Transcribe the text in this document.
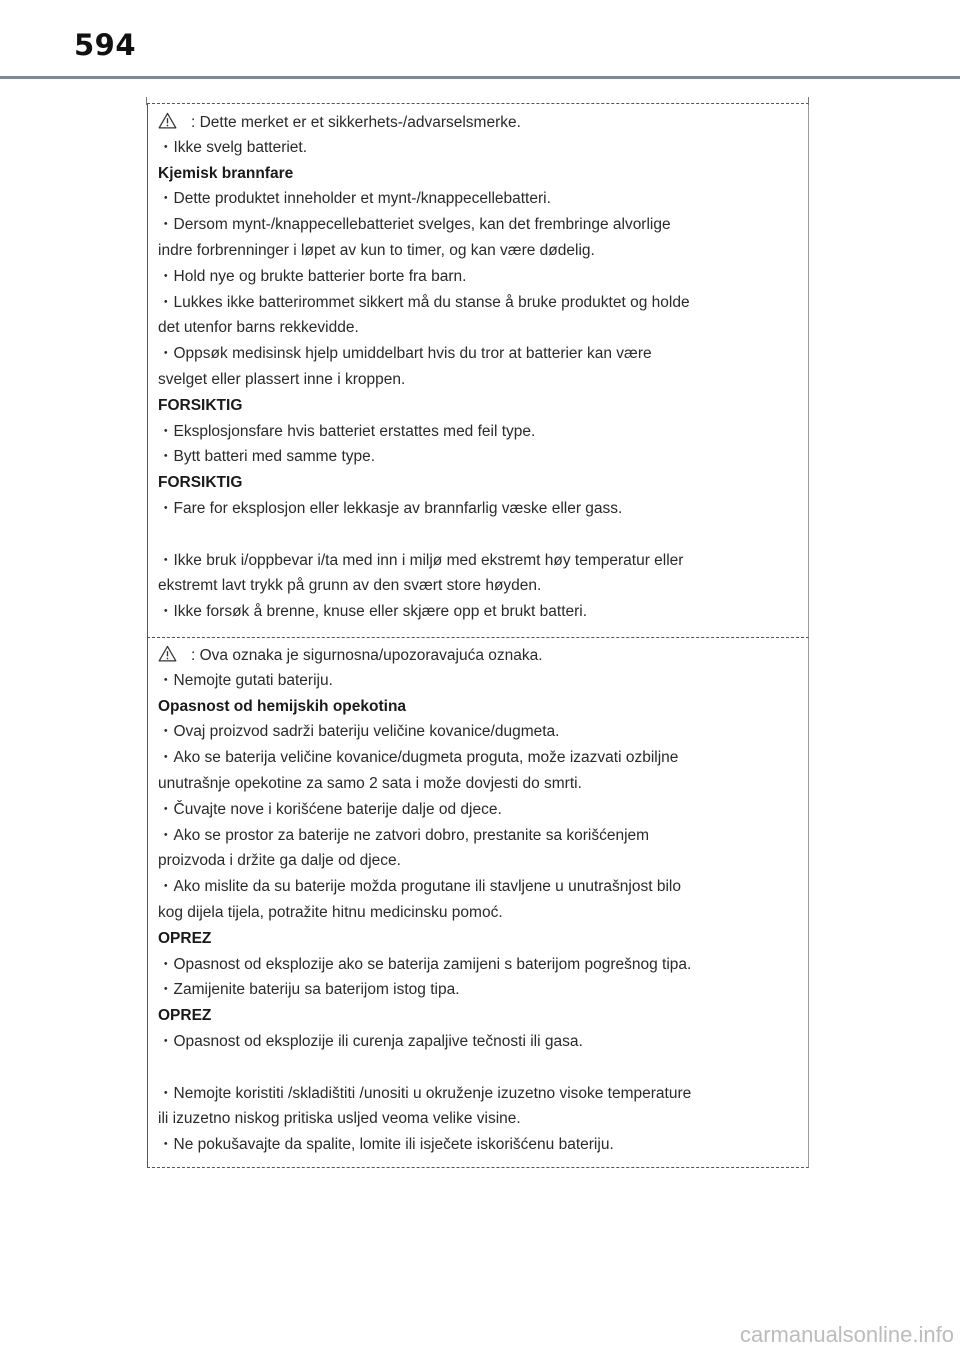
594
: Dette merket er et sikkerhets-/advarselsmerke.
・Ikke svelg batteriet.
Kjemisk brannfare
・Dette produktet inneholder et mynt-/knappecellebatteri.
・Dersom mynt-/knappecellebatteriet svelges, kan det frembringe alvorlige
indre forbrenninger i løpet av kun to timer, og kan være dødelig.
・Hold nye og brukte batterier borte fra barn.
・Lukkes ikke batterirommet sikkert må du stanse å bruke produktet og holde
det utenfor barns rekkevidde.
・Oppsøk medisinsk hjelp umiddelbart hvis du tror at batterier kan være
svelget eller plassert inne i kroppen.
FORSIKTIG
・Eksplosjonsfare hvis batteriet erstattes med feil type.
・Bytt batteri med samme type.
FORSIKTIG
・Fare for eksplosjon eller lekkasje av brannfarlig væske eller gass.
・Ikke bruk i/oppbevar i/ta med inn i miljø med ekstremt høy temperatur eller
ekstremt lavt trykk på grunn av den svært store høyden.
・Ikke forsøk å brenne, knuse eller skjære opp et brukt batteri.
: Ova oznaka je sigurnosna/upozoravajuća oznaka.
・Nemojte gutati bateriju.
Opasnost od hemijskih opekotina
・Ovaj proizvod sadrži bateriju veličine kovanice/dugmeta.
・Ako se baterija veličine kovanice/dugmeta proguta, može izazvati ozbiljne
unutrašnje opekotine za samo 2 sata i može dovjesti do smrti.
・Čuvajte nove i korišćene baterije dalje od djece.
・Ako se prostor za baterije ne zatvori dobro, prestanite sa korišćenjem
proizvoda i držite ga dalje od djece.
・Ako mislite da su baterije možda progutane ili stavljene u unutrašnjost bilo
kog dijela tijela, potražite hitnu medicinsku pomoć.
OPREZ
・Opasnost od eksplozije ako se baterija zamijeni s baterijom pogrešnog tipa.
・Zamijenite bateriju sa baterijom istog tipa.
OPREZ
・Opasnost od eksplozije ili curenja zapaljive tečnosti ili gasa.
・Nemojte koristiti /skladištiti /unositi u okruženje izuzetno visoke temperature
ili izuzetno niskog pritiska usljed veoma velike visine.
・Ne pokušavajte da spalite, lomite ili isječete iskorišćenu bateriju.
carmanualsonline.info
